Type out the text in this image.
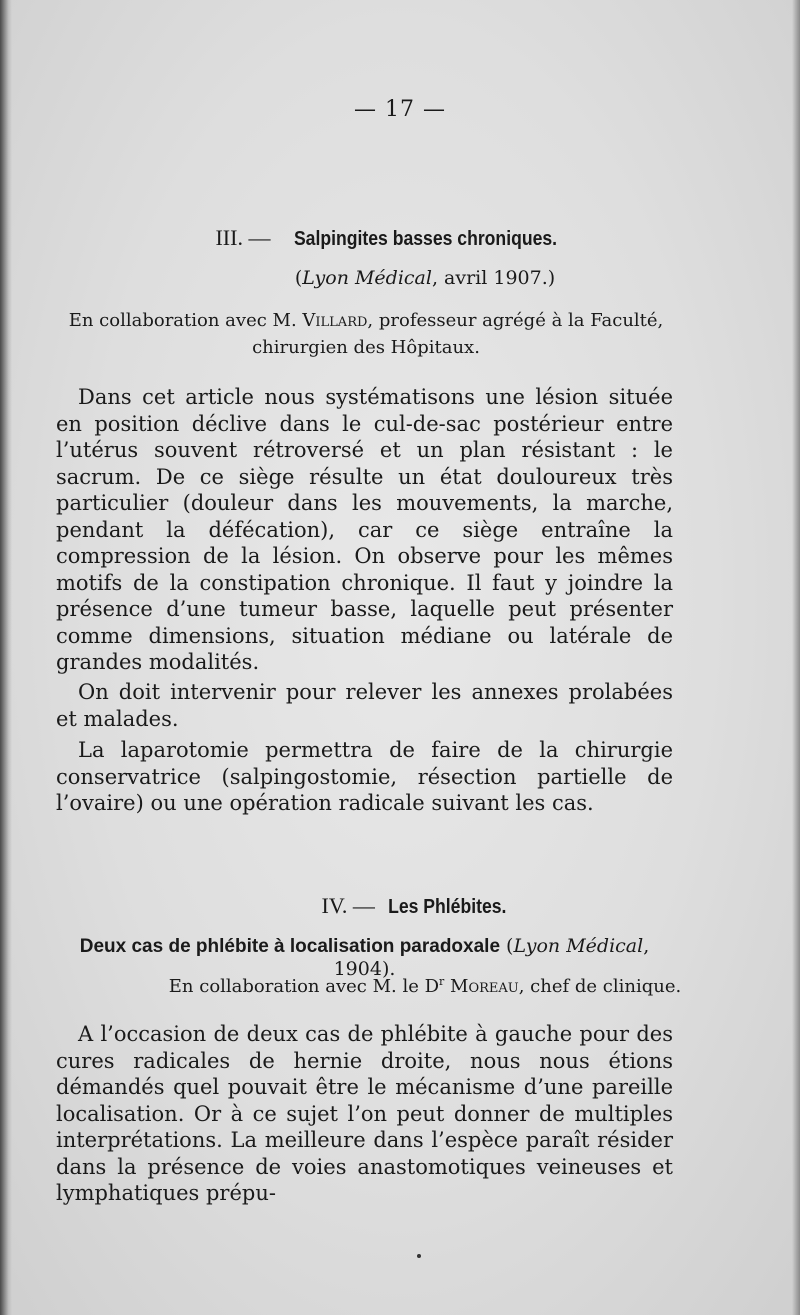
— 17 —
III. — Salpingites basses chroniques.
(Lyon Médical, avril 1907.)
En collaboration avec M. Villard, professeur agrégé à la Faculté, chirurgien des Hôpitaux.
Dans cet article nous systématisons une lésion située en position déclive dans le cul-de-sac postérieur entre l’utérus souvent rétroversé et un plan résistant : le sacrum. De ce siège résulte un état douloureux très particulier (douleur dans les mouvements, la marche, pendant la défécation), car ce siège entraîne la compression de la lésion. On observe pour les mêmes motifs de la constipation chronique. Il faut y joindre la présence d’une tumeur basse, laquelle peut présenter comme dimensions, situation médiane ou latérale de grandes modalités.
On doit intervenir pour relever les annexes prolabées et malades.
La laparotomie permettra de faire de la chirurgie conservatrice (salpingostomie, résection partielle de l’ovaire) ou une opération radicale suivant les cas.
IV. — Les Phlébites.
Deux cas de phlébite à localisation paradoxale (Lyon Médical, 1904).
En collaboration avec M. le $D^r$ Moreau, chef de clinique.
A l’occasion de deux cas de phlébite à gauche pour des cures radicales de hernie droite, nous nous étions démandés quel pouvait être le mécanisme d’une pareille localisation. Or à ce sujet l’on peut donner de multiples interprétations. La meilleure dans l’espèce paraît résider dans la présence de voies anastomotiques veineuses et lymphatiques prépu-
